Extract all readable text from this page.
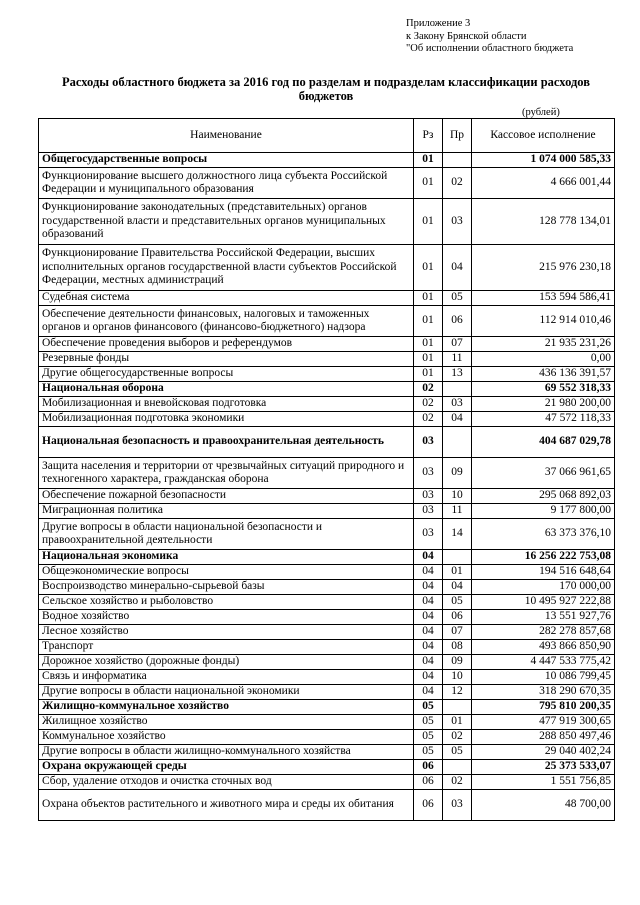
Приложение 3
к Закону Брянской области
"Об исполнении областного бюджета
Расходы областного бюджета за 2016 год по разделам и подразделам классификации расходов бюджетов
(рублей)
Наименование	Рз	Пр	Кассовое исполнение
Общегосударственные вопросы	01		1 074 000 585,33
Функционирование высшего должностного лица субъекта Российской Федерации и муниципального образования	01	02	4 666 001,44
Функционирование законодательных (представительных) органов государственной власти и представительных органов муниципальных образований	01	03	128 778 134,01
Функционирование Правительства Российской Федерации, высших исполнительных органов государственной власти субъектов Российской Федерации, местных администраций	01	04	215 976 230,18
Судебная система	01	05	153 594 586,41
Обеспечение деятельности финансовых, налоговых и таможенных органов и органов финансового (финансово-бюджетного) надзора	01	06	112 914 010,46
Обеспечение проведения выборов и референдумов	01	07	21 935 231,26
Резервные фонды	01	11	0,00
Другие общегосударственные вопросы	01	13	436 136 391,57
Национальная оборона	02		69 552 318,33
Мобилизационная и вневойсковая подготовка	02	03	21 980 200,00
Мобилизационная подготовка экономики	02	04	47 572 118,33
Национальная безопасность и правоохранительная деятельность	03		404 687 029,78
Защита населения и территории от чрезвычайных ситуаций природного и техногенного характера, гражданская оборона	03	09	37 066 961,65
Обеспечение пожарной безопасности	03	10	295 068 892,03
Миграционная политика	03	11	9 177 800,00
Другие вопросы в области национальной безопасности и правоохранительной деятельности	03	14	63 373 376,10
Национальная экономика	04		16 256 222 753,08
Общеэкономические вопросы	04	01	194 516 648,64
Воспроизводство минерально-сырьевой базы	04	04	170 000,00
Сельское хозяйство и рыболовство	04	05	10 495 927 222,88
Водное хозяйство	04	06	13 551 927,76
Лесное хозяйство	04	07	282 278 857,68
Транспорт	04	08	493 866 850,90
Дорожное хозяйство (дорожные фонды)	04	09	4 447 533 775,42
Связь и информатика	04	10	10 086 799,45
Другие вопросы в области национальной экономики	04	12	318 290 670,35
Жилищно-коммунальное хозяйство	05		795 810 200,35
Жилищное хозяйство	05	01	477 919 300,65
Коммунальное хозяйство	05	02	288 850 497,46
Другие вопросы в области жилищно-коммунального хозяйства	05	05	29 040 402,24
Охрана окружающей среды	06		25 373 533,07
Сбор, удаление отходов и очистка сточных вод	06	02	1 551 756,85
Охрана объектов растительного и животного мира и среды их обитания	06	03	48 700,00
